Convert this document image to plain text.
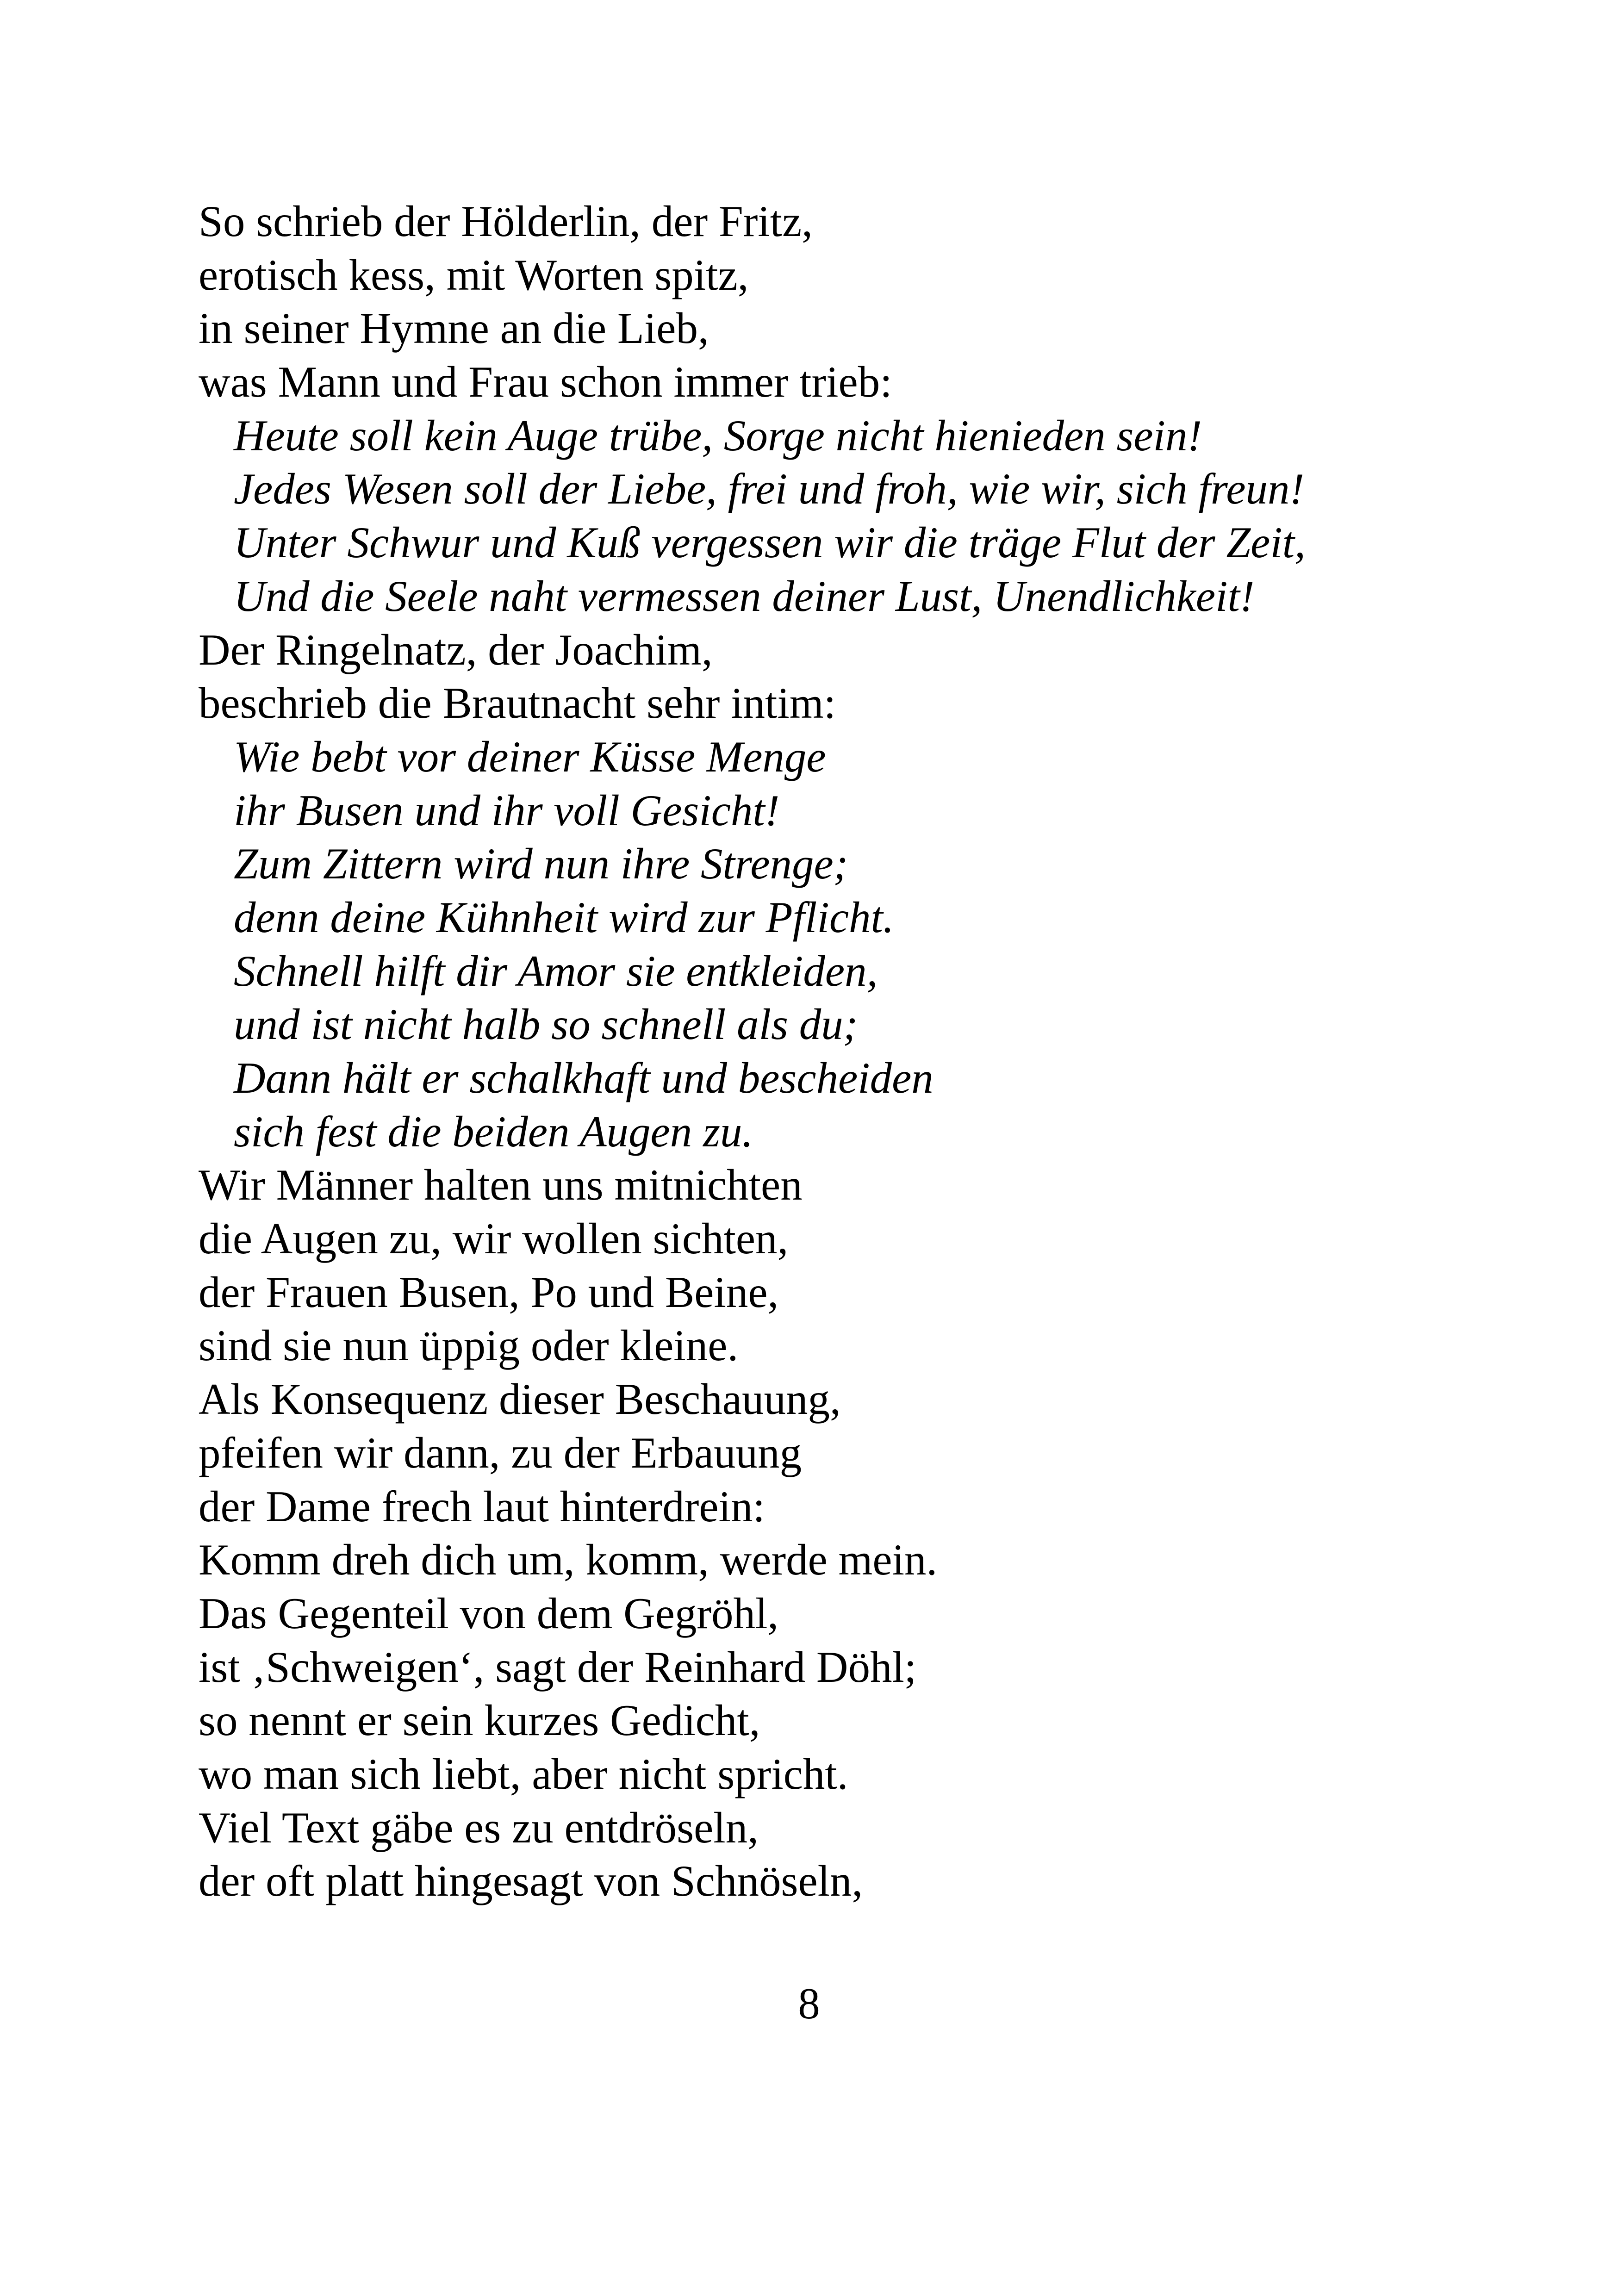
So schrieb der Hölderlin, der Fritz,
erotisch kess, mit Worten spitz,
in seiner Hymne an die Lieb,
was Mann und Frau schon immer trieb:
Heute soll kein Auge trübe, Sorge nicht hienieden sein!
Jedes Wesen soll der Liebe, frei und froh, wie wir, sich freun!
Unter Schwur und Kuß vergessen wir die träge Flut der Zeit,
Und die Seele naht vermessen deiner Lust, Unendlichkeit!
Der Ringelnatz, der Joachim,
beschrieb die Brautnacht sehr intim:
Wie bebt vor deiner Küsse Menge
ihr Busen und ihr voll Gesicht!
Zum Zittern wird nun ihre Strenge;
denn deine Kühnheit wird zur Pflicht.
Schnell hilft dir Amor sie entkleiden,
und ist nicht halb so schnell als du;
Dann hält er schalkhaft und bescheiden
sich fest die beiden Augen zu.
Wir Männer halten uns mitnichten
die Augen zu, wir wollen sichten,
der Frauen Busen, Po und Beine,
sind sie nun üppig oder kleine.
Als Konsequenz dieser Beschauung,
pfeifen wir dann, zu der Erbauung
der Dame frech laut hinterdrein:
Komm dreh dich um, komm, werde mein.
Das Gegenteil von dem Gegröhl,
ist ‚Schweigen‘, sagt der Reinhard Döhl;
so nennt er sein kurzes Gedicht,
wo man sich liebt, aber nicht spricht.
Viel Text gäbe es zu entdröseln,
der oft platt hingesagt von Schnöseln,
8
